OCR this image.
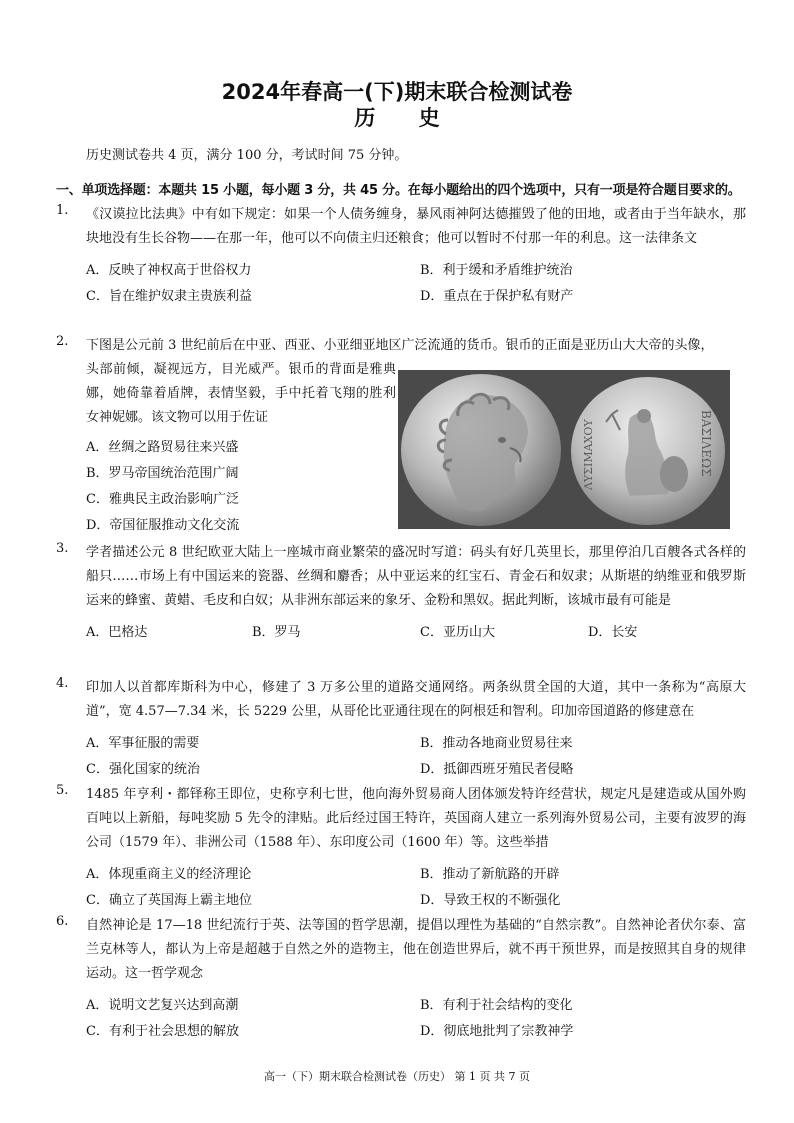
2024年春高一(下)期末联合检测试卷
历 史
历史测试卷共 4 页，满分 100 分，考试时间 75 分钟。
一、单项选择题：本题共 15 小题，每小题 3 分，共 45 分。在每小题给出的四个选项中，只有一项是符合题目要求的。
1.	《汉谟拉比法典》中有如下规定：如果一个人债务缠身，暴风雨神阿达德摧毁了他的田地，或者由于当年缺水，那块地没有生长谷物——在那一年，他可以不向债主归还粮食；他可以暂时不付那一年的利息。这一法律条文
A．反映了神权高于世俗权力	B．利于缓和矛盾维护统治
C．旨在维护奴隶主贵族利益	D．重点在于保护私有财产
2.	下图是公元前 3 世纪前后在中亚、西亚、小亚细亚地区广泛流通的货币。银币的正面是亚历山大大帝的头像，
头部前倾，凝视远方，目光威严。银币的背面是雅典娜，她倚靠着盾牌，表情坚毅，手中托着飞翔的胜利女神妮娜。该文物可以用于佐证
A．丝绸之路贸易往来兴盛
B．罗马帝国统治范围广阔
C．雅典民主政治影响广泛
D．帝国征服推动文化交流
ΒΑΣΙΛΕΩΣ
ΛΥΣΙΜΑΧΟΥ
3.	学者描述公元 8 世纪欧亚大陆上一座城市商业繁荣的盛况时写道：码头有好几英里长，那里停泊几百艘各式各样的船只……市场上有中国运来的瓷器、丝绸和麝香；从中亚运来的红宝石、青金石和奴隶；从斯堪的纳维亚和俄罗斯运来的蜂蜜、黄蜡、毛皮和白奴；从非洲东部运来的象牙、金粉和黑奴。据此判断，该城市最有可能是
A．巴格达	B．罗马	C．亚历山大	D．长安
4.	印加人以首都库斯科为中心，修建了 3 万多公里的道路交通网络。两条纵贯全国的大道，其中一条称为“高原大道”，宽 4.57—7.34 米，长 5229 公里，从哥伦比亚通往现在的阿根廷和智利。印加帝国道路的修建意在
A．军事征服的需要	B．推动各地商业贸易往来
C．强化国家的统治	D．抵御西班牙殖民者侵略
5.	1485 年亨利・都铎称王即位，史称亨利七世，他向海外贸易商人团体颁发特许经营状，规定凡是建造或从国外购百吨以上新船，每吨奖励 5 先令的津贴。此后经过国王特许，英国商人建立一系列海外贸易公司，主要有波罗的海公司（1579 年）、非洲公司（1588 年）、东印度公司（1600 年）等。这些举措
A．体现重商主义的经济理论	B．推动了新航路的开辟
C．确立了英国海上霸主地位	D．导致王权的不断强化
6.	自然神论是 17—18 世纪流行于英、法等国的哲学思潮，提倡以理性为基础的“自然宗教”。自然神论者伏尔泰、富兰克林等人，都认为上帝是超越于自然之外的造物主，他在创造世界后，就不再干预世界，而是按照其自身的规律运动。这一哲学观念
A．说明文艺复兴达到高潮	B．有利于社会结构的变化
C．有利于社会思想的解放	D．彻底地批判了宗教神学
高一（下）期末联合检测试卷（历史） 第 1 页 共 7 页
